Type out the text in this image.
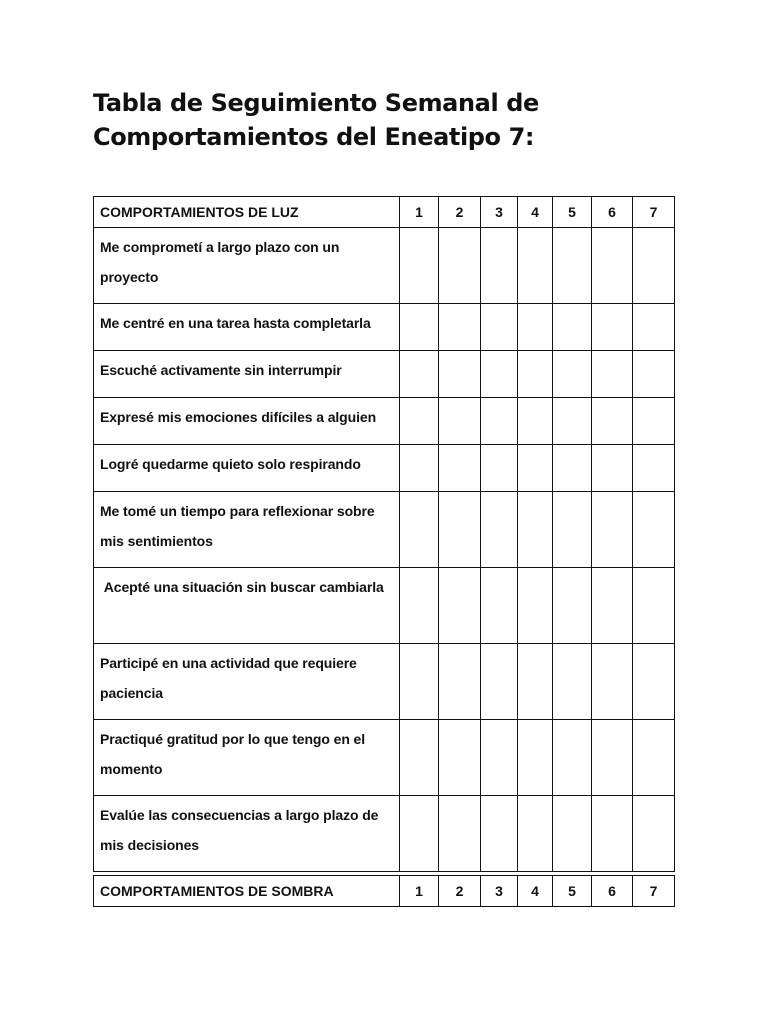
Tabla de Seguimiento Semanal de
Comportamientos del Eneatipo 7:
COMPORTAMIENTOS DE LUZ	1	2	3	4	5	6	7
Me comprometí a largo plazo con un proyecto							
Me centré en una tarea hasta completarla							
Escuché activamente sin interrumpir							
Expresé mis emociones difíciles a alguien							
Logré quedarme quieto solo respirando							
Me tomé un tiempo para reflexionar sobre mis sentimientos							
Acepté una situación sin buscar cambiarla							
Participé en una actividad que requiere paciencia							
Practiqué gratitud por lo que tengo en el momento							
Evalúe las consecuencias a largo plazo de mis decisiones							
COMPORTAMIENTOS DE SOMBRA	1	2	3	4	5	6	7
